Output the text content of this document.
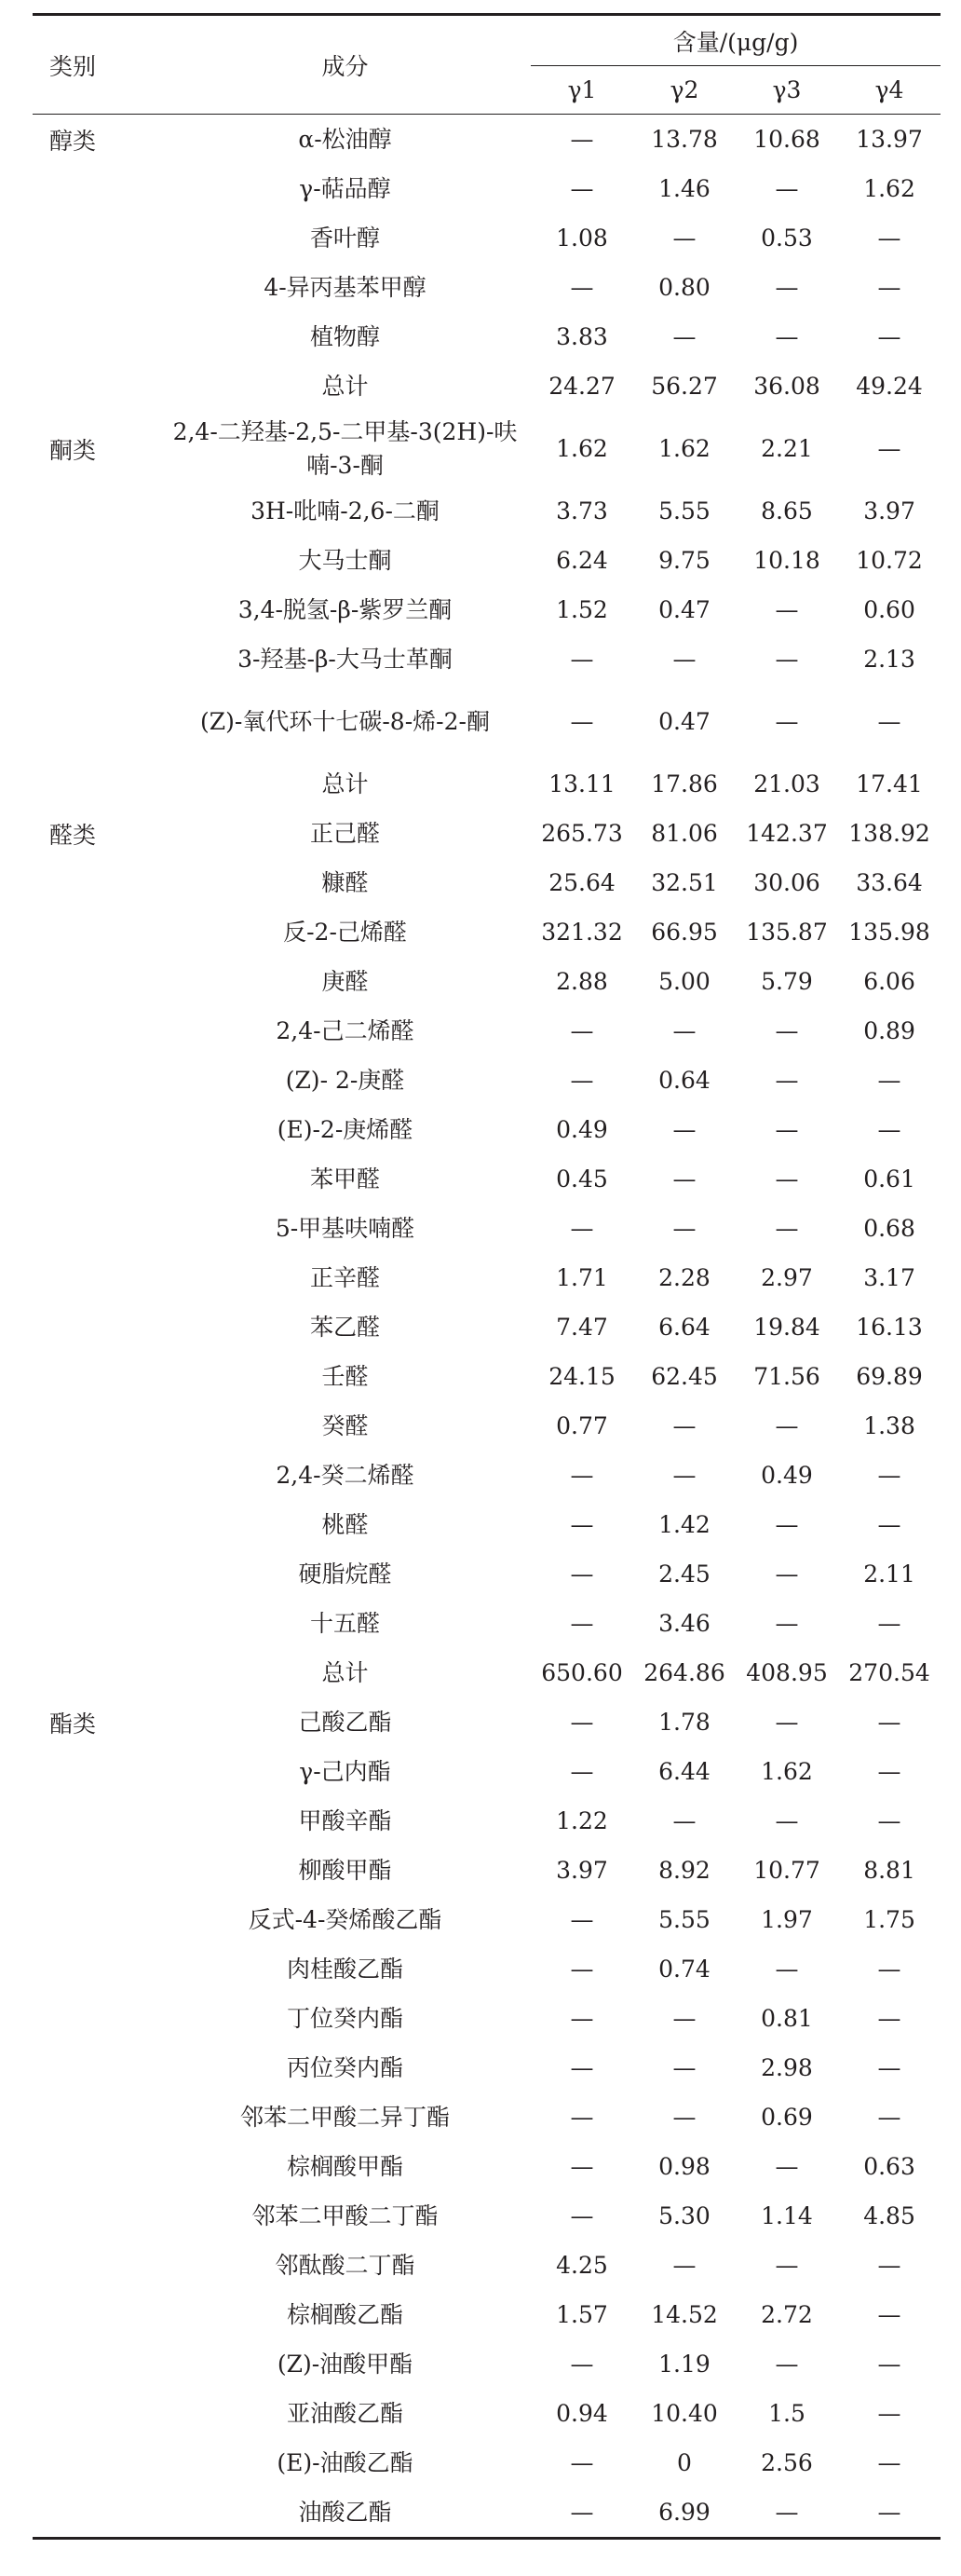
类别	成分	含量/(μg/g)			
		γ1	γ2	γ3	γ4
醇类	α-松油醇	—	13.78	10.68	13.97
	γ-萜品醇	—	1.46	—	1.62
	香叶醇	1.08	—	0.53	—
	4-异丙基苯甲醇	—	0.80	—	—
	植物醇	3.83	—	—	—
	总计	24.27	56.27	36.08	49.24
酮类	2,4-二羟基-2,5-二甲基-3(2H)-呋喃-3-酮	1.62	1.62	2.21	—
	3H-吡喃-2,6-二酮	3.73	5.55	8.65	3.97
	大马士酮	6.24	9.75	10.18	10.72
	3,4-脱氢-β-紫罗兰酮	1.52	0.47	—	0.60
	3-羟基-β-大马士革酮	—	—	—	2.13
	(Z)-氧代环十七碳-8-烯-2-酮	—	0.47	—	—
	总计	13.11	17.86	21.03	17.41
醛类	正己醛	265.73	81.06	142.37	138.92
	糠醛	25.64	32.51	30.06	33.64
	反-2-己烯醛	321.32	66.95	135.87	135.98
	庚醛	2.88	5.00	5.79	6.06
	2,4-己二烯醛	—	—	—	0.89
	(Z)- 2-庚醛	—	0.64	—	—
	(E)-2-庚烯醛	0.49	—	—	—
	苯甲醛	0.45	—	—	0.61
	5-甲基呋喃醛	—	—	—	0.68
	正辛醛	1.71	2.28	2.97	3.17
	苯乙醛	7.47	6.64	19.84	16.13
	壬醛	24.15	62.45	71.56	69.89
	癸醛	0.77	—	—	1.38
	2,4-癸二烯醛	—	—	0.49	—
	桃醛	—	1.42	—	—
	硬脂烷醛	—	2.45	—	2.11
	十五醛	—	3.46	—	—
	总计	650.60	264.86	408.95	270.54
酯类	己酸乙酯	—	1.78	—	—
	γ-己内酯	—	6.44	1.62	—
	甲酸辛酯	1.22	—	—	—
	柳酸甲酯	3.97	8.92	10.77	8.81
	反式-4-癸烯酸乙酯	—	5.55	1.97	1.75
	肉桂酸乙酯	—	0.74	—	—
	丁位癸内酯	—	—	0.81	—
	丙位癸内酯	—	—	2.98	—
	邻苯二甲酸二异丁酯	—	—	0.69	—
	棕榈酸甲酯	—	0.98	—	0.63
	邻苯二甲酸二丁酯	—	5.30	1.14	4.85
	邻酞酸二丁酯	4.25	—	—	—
	棕榈酸乙酯	1.57	14.52	2.72	—
	(Z)-油酸甲酯	—	1.19	—	—
	亚油酸乙酯	0.94	10.40	1.5	—
	(E)-油酸乙酯	—	0	2.56	—
	油酸乙酯	—	6.99	—	—
